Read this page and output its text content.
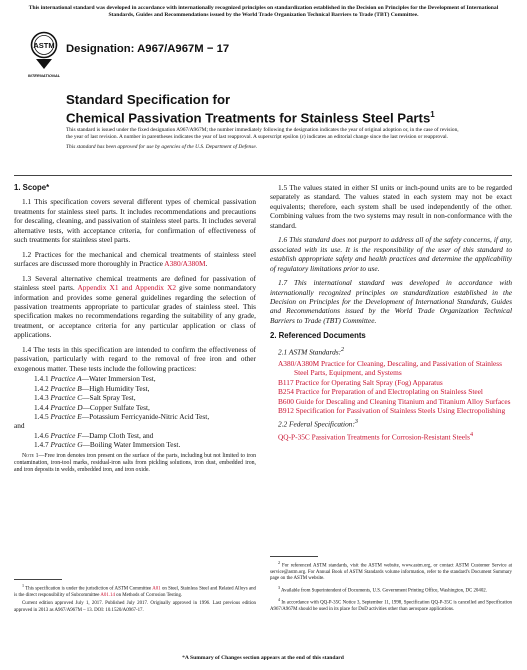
This international standard was developed in accordance with internationally recognized principles on standardization established in the Decision on Principles for the Development of International Standards, Guides and Recommendations issued by the World Trade Organization Technical Barriers to Trade (TBT) Committee.
ASTM
INTERNATIONAL
Designation: A967/A967M − 17
Standard Specification for
Chemical Passivation Treatments for Stainless Steel Parts$^1$

This standard is issued under the fixed designation A967/A967M; the number immediately following the designation indicates the year of original adoption or, in the case of revision, the year of last revision. A number in parentheses indicates the year of last reapproval. A superscript epsilon (ε) indicates an editorial change since the last revision or reapproval.

This standard has been approved for use by agencies of the U.S. Department of Defense.

1. Scope*

1.1 This specification covers several different types of chemical passivation treatments for stainless steel parts. It includes recommendations and precautions for descaling, cleaning, and passivation of stainless steel parts. It includes several alternative tests, with acceptance criteria, for confirmation of effectiveness of such treatments for stainless steel parts.

1.2 Practices for the mechanical and chemical treatments of stainless steel surfaces are discussed more thoroughly in Practice A380/A380M.

1.3 Several alternative chemical treatments are defined for passivation of stainless steel parts. Appendix X1 and Appendix X2 give some nonmandatory information and provides some general guidelines regarding the selection of passivation treatments appropriate to particular grades of stainless steel. This specification makes no recommendations regarding the suitability of any grade, treatment, or acceptance criteria for any particular application or class of applications.

1.4 The tests in this specification are intended to confirm the effectiveness of passivation, particularly with regard to the removal of free iron and other exogenous matter. These tests include the following practices:

1.4.1 Practice A—Water Immersion Test,
1.4.2 Practice B—High Humidity Test,
1.4.3 Practice C—Salt Spray Test,
1.4.4 Practice D—Copper Sulfate Test,
1.4.5 Practice E—Potassium Ferricyanide-Nitric Acid Test,
and
1.4.6 Practice F—Damp Cloth Test, and
1.4.7 Practice G—Boiling Water Immersion Test.
Note 1—Free iron denotes iron present on the surface of the parts, including but not limited to iron contamination, iron-tool marks, residual-iron salts from pickling solutions, iron dust, embedded iron, and iron deposits in welds, embedded iron, and iron oxide.

1.5 The values stated in either SI units or inch-pound units are to be regarded separately as standard. The values stated in each system may not be exact equivalents; therefore, each system shall be used independently of the other. Combining values from the two systems may result in non-conformance with the standard.

1.6 This standard does not purport to address all of the safety concerns, if any, associated with its use. It is the responsibility of the user of this standard to establish appropriate safety and health practices and determine the applicability of regulatory limitations prior to use.

1.7 This international standard was developed in accordance with internationally recognized principles on standardization established in the Decision on Principles for the Development of International Standards, Guides and Recommendations issued by the World Trade Organization Technical Barriers to Trade (TBT) Committee.

2. Referenced Documents
2.1 ASTM Standards:$^2$
A380/A380M Practice for Cleaning, Descaling, and Passivation of Stainless Steel Parts, Equipment, and Systems
B117 Practice for Operating Salt Spray (Fog) Apparatus
B254 Practice for Preparation of and Electroplating on Stainless Steel
B600 Guide for Descaling and Cleaning Titanium and Titanium Alloy Surfaces
B912 Specification for Passivation of Stainless Steels Using Electropolishing
2.2 Federal Specification:$^3$
QQ-P-35C Passivation Treatments for Corrosion-Resistant Steels$^4$

$^1$ This specification is under the jurisdiction of ASTM Committee A01 on Steel, Stainless Steel and Related Alloys and is the direct responsibility of Subcommittee A01.14 on Methods of Corrosion Testing.

Current edition approved July 1, 2017. Published July 2017. Originally approved in 1996. Last previous edition approved in 2013 as A967/A967M – 13. DOI: 10.1520/A0967-17.

$^2$ For referenced ASTM standards, visit the ASTM website, www.astm.org, or contact ASTM Customer Service at service@astm.org. For Annual Book of ASTM Standards volume information, refer to the standard's Document Summary page on the ASTM website.

$^3$ Available from Superintendent of Documents, U.S. Government Printing Office, Washington, DC 20402.

$^4$ In accordance with QQ-P-35C Notice 3, September 11, 1998, Specification QQ-P-35C is cancelled and Specification A967/A967M should be used in its place for DoD activities other than aerospace applications.

*A Summary of Changes section appears at the end of this standard
